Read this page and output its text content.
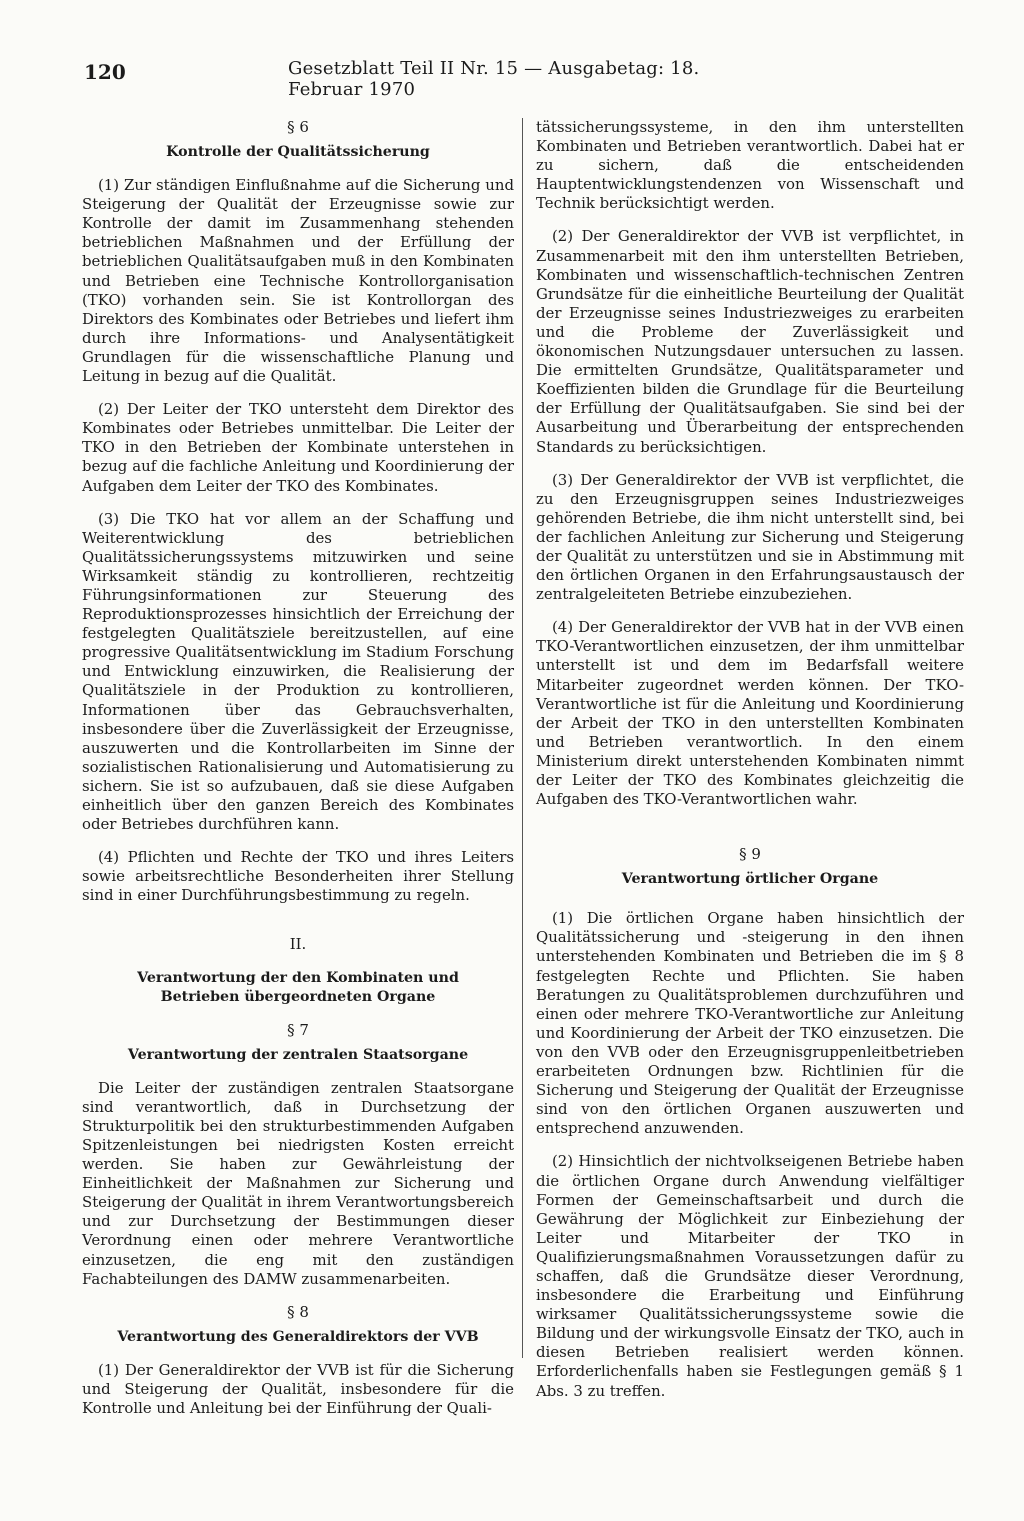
120	Gesetzblatt Teil II Nr. 15 — Ausgabetag: 18. Februar 1970
§ 6
Kontrolle der Qualitätssicherung

(1) Zur ständigen Einflußnahme auf die Sicherung und Steigerung der Qualität der Erzeugnisse sowie zur Kontrolle der damit im Zusammenhang stehenden betrieblichen Maßnahmen und der Erfüllung der betrieblichen Qualitätsaufgaben muß in den Kombinaten und Betrieben eine Technische Kontrollorganisation (TKO) vorhanden sein. Sie ist Kontrollorgan des Direktors des Kombinates oder Betriebes und liefert ihm durch ihre Informations- und Analysentätigkeit Grundlagen für die wissenschaftliche Planung und Leitung in bezug auf die Qualität.

(2) Der Leiter der TKO untersteht dem Direktor des Kombinates oder Betriebes unmittelbar. Die Leiter der TKO in den Betrieben der Kombinate unterstehen in bezug auf die fachliche Anleitung und Koordinierung der Aufgaben dem Leiter der TKO des Kombinates.

(3) Die TKO hat vor allem an der Schaffung und Weiterentwicklung des betrieblichen Qualitätssicherungssystems mitzuwirken und seine Wirksamkeit ständig zu kontrollieren, rechtzeitig Führungsinformationen zur Steuerung des Reproduktionsprozesses hinsichtlich der Erreichung der festgelegten Qualitätsziele bereitzustellen, auf eine progressive Qualitätsentwicklung im Stadium Forschung und Entwicklung einzuwirken, die Realisierung der Qualitätsziele in der Produktion zu kontrollieren, Informationen über das Gebrauchsverhalten, insbesondere über die Zuverlässigkeit der Erzeugnisse, auszuwerten und die Kontrollarbeiten im Sinne der sozialistischen Rationalisierung und Automatisierung zu sichern. Sie ist so aufzubauen, daß sie diese Aufgaben einheitlich über den ganzen Bereich des Kombinates oder Betriebes durchführen kann.

(4) Pflichten und Rechte der TKO und ihres Leiters sowie arbeitsrechtliche Besonderheiten ihrer Stellung sind in einer Durchführungsbestimmung zu regeln.

II.
Verantwortung der den Kombinaten und Betrieben übergeordneten Organe
§ 7
Verantwortung der zentralen Staatsorgane

Die Leiter der zuständigen zentralen Staatsorgane sind verantwortlich, daß in Durchsetzung der Strukturpolitik bei den strukturbestimmenden Aufgaben Spitzenleistungen bei niedrigsten Kosten erreicht werden. Sie haben zur Gewährleistung der Einheitlichkeit der Maßnahmen zur Sicherung und Steigerung der Qualität in ihrem Verantwortungsbereich und zur Durchsetzung der Bestimmungen dieser Verordnung einen oder mehrere Verantwortliche einzusetzen, die eng mit den zuständigen Fachabteilungen des DAMW zusammenarbeiten.

§ 8
Verantwortung des Generaldirektors der VVB

(1) Der Generaldirektor der VVB ist für die Sicherung und Steigerung der Qualität, insbesondere für die Kontrolle und Anleitung bei der Einführung der Quali-

tätssicherungssysteme, in den ihm unterstellten Kombinaten und Betrieben verantwortlich. Dabei hat er zu sichern, daß die entscheidenden Hauptentwicklungstendenzen von Wissenschaft und Technik berücksichtigt werden.

(2) Der Generaldirektor der VVB ist verpflichtet, in Zusammenarbeit mit den ihm unterstellten Betrieben, Kombinaten und wissenschaftlich-technischen Zentren Grundsätze für die einheitliche Beurteilung der Qualität der Erzeugnisse seines Industriezweiges zu erarbeiten und die Probleme der Zuverlässigkeit und ökonomischen Nutzungsdauer untersuchen zu lassen. Die ermittelten Grundsätze, Qualitätsparameter und Koeffizienten bilden die Grundlage für die Beurteilung der Erfüllung der Qualitätsaufgaben. Sie sind bei der Ausarbeitung und Überarbeitung der entsprechenden Standards zu berücksichtigen.

(3) Der Generaldirektor der VVB ist verpflichtet, die zu den Erzeugnisgruppen seines Industriezweiges gehörenden Betriebe, die ihm nicht unterstellt sind, bei der fachlichen Anleitung zur Sicherung und Steigerung der Qualität zu unterstützen und sie in Abstimmung mit den örtlichen Organen in den Erfahrungsaustausch der zentralgeleiteten Betriebe einzubeziehen.

(4) Der Generaldirektor der VVB hat in der VVB einen TKO-Verantwortlichen einzusetzen, der ihm unmittelbar unterstellt ist und dem im Bedarfsfall weitere Mitarbeiter zugeordnet werden können. Der TKO-Verantwortliche ist für die Anleitung und Koordinierung der Arbeit der TKO in den unterstellten Kombinaten und Betrieben verantwortlich. In den einem Ministerium direkt unterstehenden Kombinaten nimmt der Leiter der TKO des Kombinates gleichzeitig die Aufgaben des TKO-Verantwortlichen wahr.

§ 9
Verantwortung örtlicher Organe

(1) Die örtlichen Organe haben hinsichtlich der Qualitätssicherung und -steigerung in den ihnen unterstehenden Kombinaten und Betrieben die im § 8 festgelegten Rechte und Pflichten. Sie haben Beratungen zu Qualitätsproblemen durchzuführen und einen oder mehrere TKO-Verantwortliche zur Anleitung und Koordinierung der Arbeit der TKO einzusetzen. Die von den VVB oder den Erzeugnisgruppenleitbetrieben erarbeiteten Ordnungen bzw. Richtlinien für die Sicherung und Steigerung der Qualität der Erzeugnisse sind von den örtlichen Organen auszuwerten und entsprechend anzuwenden.

(2) Hinsichtlich der nichtvolkseigenen Betriebe haben die örtlichen Organe durch Anwendung vielfältiger Formen der Gemeinschaftsarbeit und durch die Gewährung der Möglichkeit zur Einbeziehung der Leiter und Mitarbeiter der TKO in Qualifizierungsmaßnahmen Voraussetzungen dafür zu schaffen, daß die Grundsätze dieser Verordnung, insbesondere die Erarbeitung und Einführung wirksamer Qualitätssicherungssysteme sowie die Bildung und der wirkungsvolle Einsatz der TKO, auch in diesen Betrieben realisiert werden können. Erforderlichenfalls haben sie Festlegungen gemäß § 1 Abs. 3 zu treffen.
